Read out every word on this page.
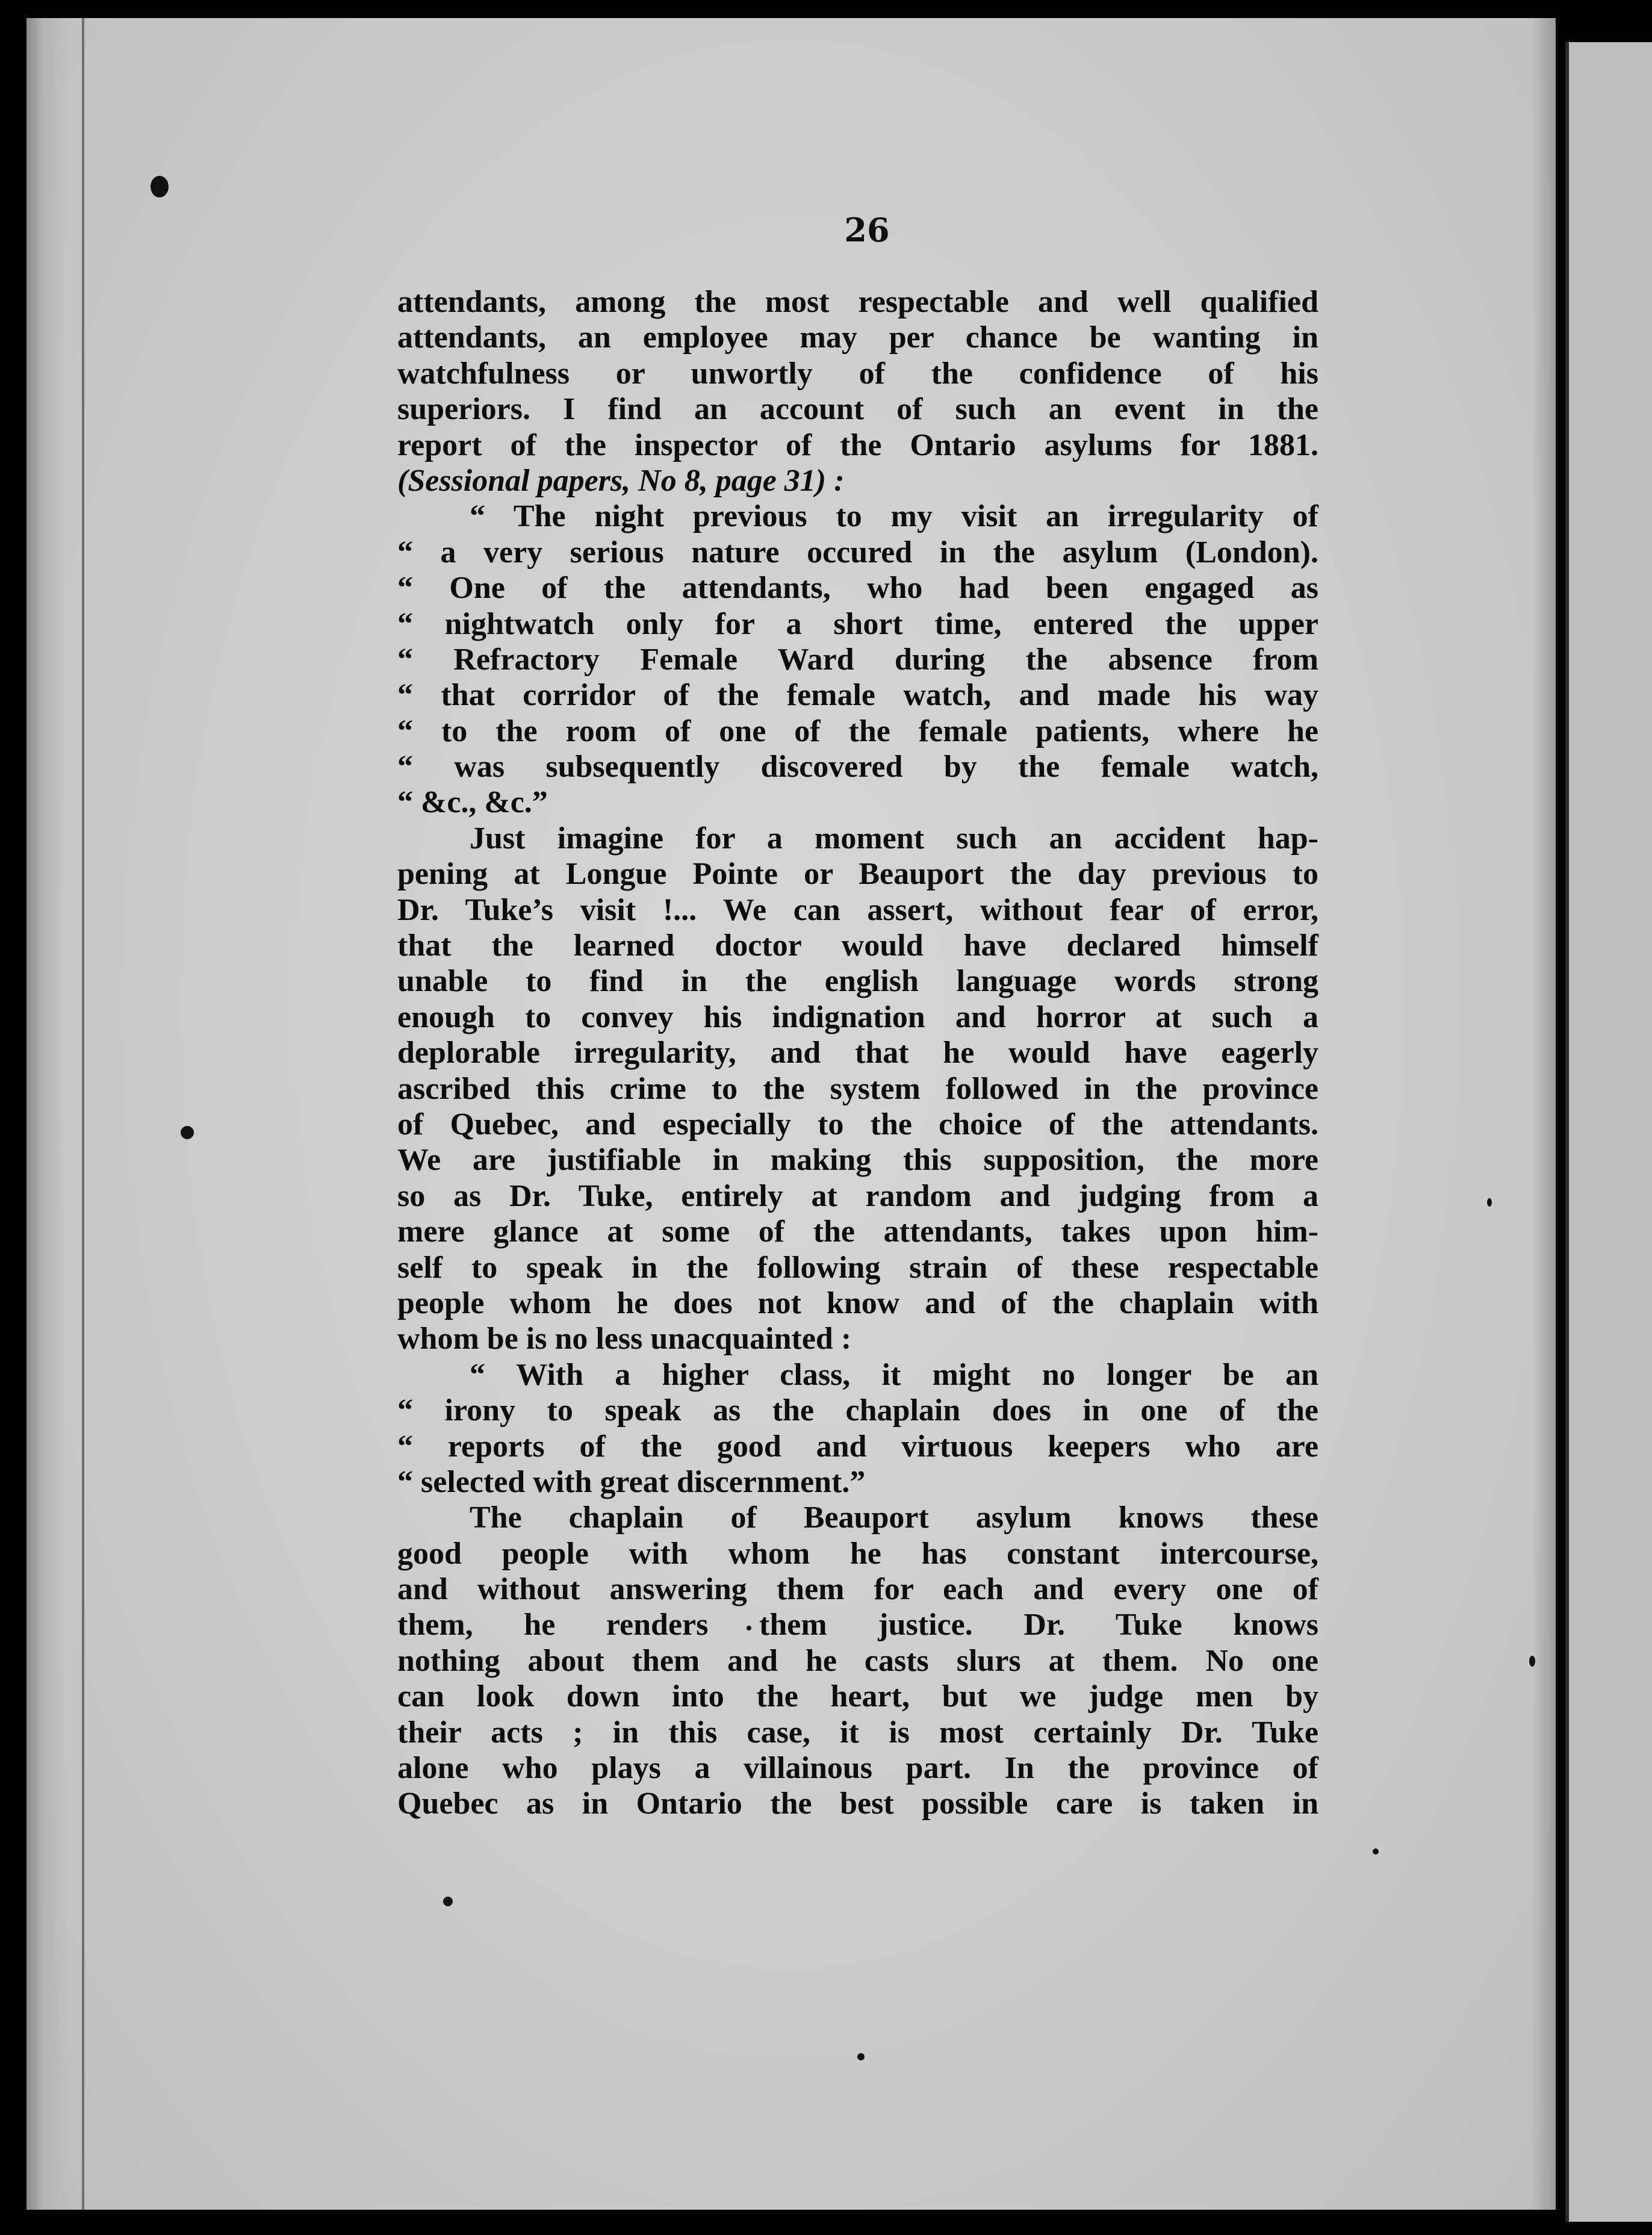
26
attendants, among the most respectable and well qualified
attendants, an employee may per chance be wanting in
watchfulness or unwortly of the confidence of his
superiors. I find an account of such an event in the
report of the inspector of the Ontario asylums for 1881.
(Sessional papers, No 8, page 31) :
“ The night previous to my visit an irregularity of
“ a very serious nature occured in the asylum (London).
“ One of the attendants, who had been engaged as
“ nightwatch only for a short time, entered the upper
“ Refractory Female Ward during the absence from
“ that corridor of the female watch, and made his way
“ to the room of one of the female patients, where he
“ was subsequently discovered by the female watch,
“ &c., &c.”
Just imagine for a moment such an accident hap-
pening at Longue Pointe or Beauport the day previous to
Dr. Tuke’s visit !... We can assert, without fear of error,
that the learned doctor would have declared himself
unable to find in the english language words strong
enough to convey his indignation and horror at such a
deplorable irregularity, and that he would have eagerly
ascribed this crime to the system followed in the province
of Quebec, and especially to the choice of the attendants.
We are justifiable in making this supposition, the more
so as Dr. Tuke, entirely at random and judging from a
mere glance at some of the attendants, takes upon him-
self to speak in the following strain of these respectable
people whom he does not know and of the chaplain with
whom be is no less unacquainted :
“ With a higher class, it might no longer be an
“ irony to speak as the chaplain does in one of the
“ reports of the good and virtuous keepers who are
“ selected with great discernment.”
The chaplain of Beauport asylum knows these
good people with whom he has constant intercourse,
and without answering them for each and every one of
them, he renders them justice. Dr. Tuke knows
nothing about them and he casts slurs at them. No one
can look down into the heart, but we judge men by
their acts ; in this case, it is most certainly Dr. Tuke
alone who plays a villainous part. In the province of
Quebec as in Ontario the best possible care is taken in
